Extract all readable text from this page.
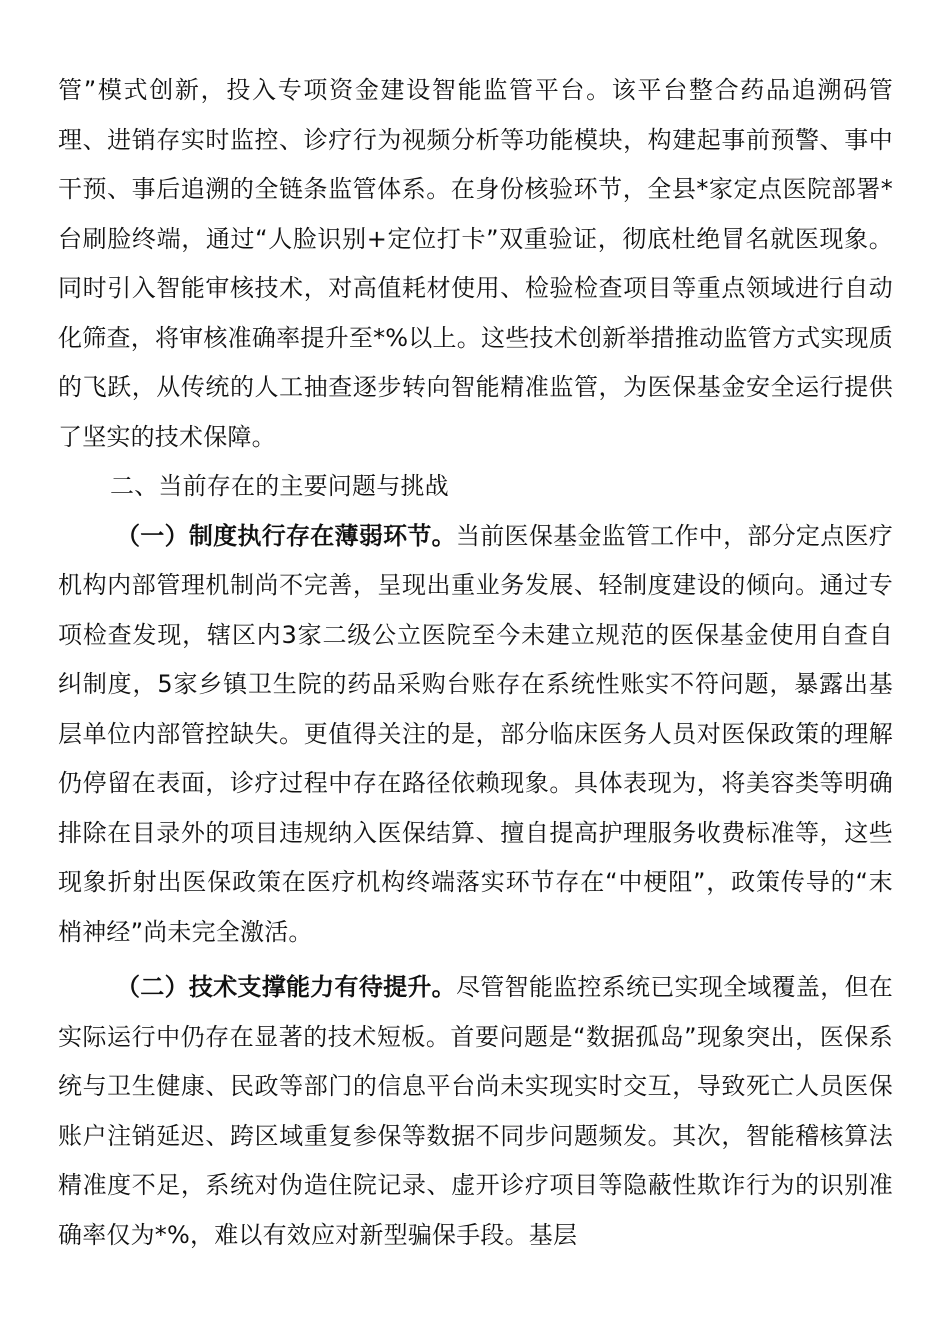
管”模式创新，投入专项资金建设智能监管平台。该平台整合药品追溯码管理、进销存实时监控、诊疗行为视频分析等功能模块，构建起事前预警、事中干预、事后追溯的全链条监管体系。在身份核验环节，全县*家定点医院部署*台刷脸终端，通过“人脸识别+定位打卡”双重验证，彻底杜绝冒名就医现象。同时引入智能审核技术，对高值耗材使用、检验检查项目等重点领域进行自动化筛查，将审核准确率提升至*%以上。这些技术创新举措推动监管方式实现质的飞跃，从传统的人工抽查逐步转向智能精准监管，为医保基金安全运行提供了坚实的技术保障。

二、当前存在的主要问题与挑战

（一）制度执行存在薄弱环节。当前医保基金监管工作中，部分定点医疗机构内部管理机制尚不完善，呈现出重业务发展、轻制度建设的倾向。通过专项检查发现，辖区内3家二级公立医院至今未建立规范的医保基金使用自查自纠制度，5家乡镇卫生院的药品采购台账存在系统性账实不符问题，暴露出基层单位内部管控缺失。更值得关注的是，部分临床医务人员对医保政策的理解仍停留在表面，诊疗过程中存在路径依赖现象。具体表现为，将美容类等明确排除在目录外的项目违规纳入医保结算、擅自提高护理服务收费标准等，这些现象折射出医保政策在医疗机构终端落实环节存在“中梗阻”，政策传导的“末梢神经”尚未完全激活。

（二）技术支撑能力有待提升。尽管智能监控系统已实现全域覆盖，但在实际运行中仍存在显著的技术短板。首要问题是“数据孤岛”现象突出，医保系统与卫生健康、民政等部门的信息平台尚未实现实时交互，导致死亡人员医保账户注销延迟、跨区域重复参保等数据不同步问题频发。其次，智能稽核算法精准度不足，系统对伪造住院记录、虚开诊疗项目等隐蔽性欺诈行为的识别准确率仅为*%，难以有效应对新型骗保手段。基层
